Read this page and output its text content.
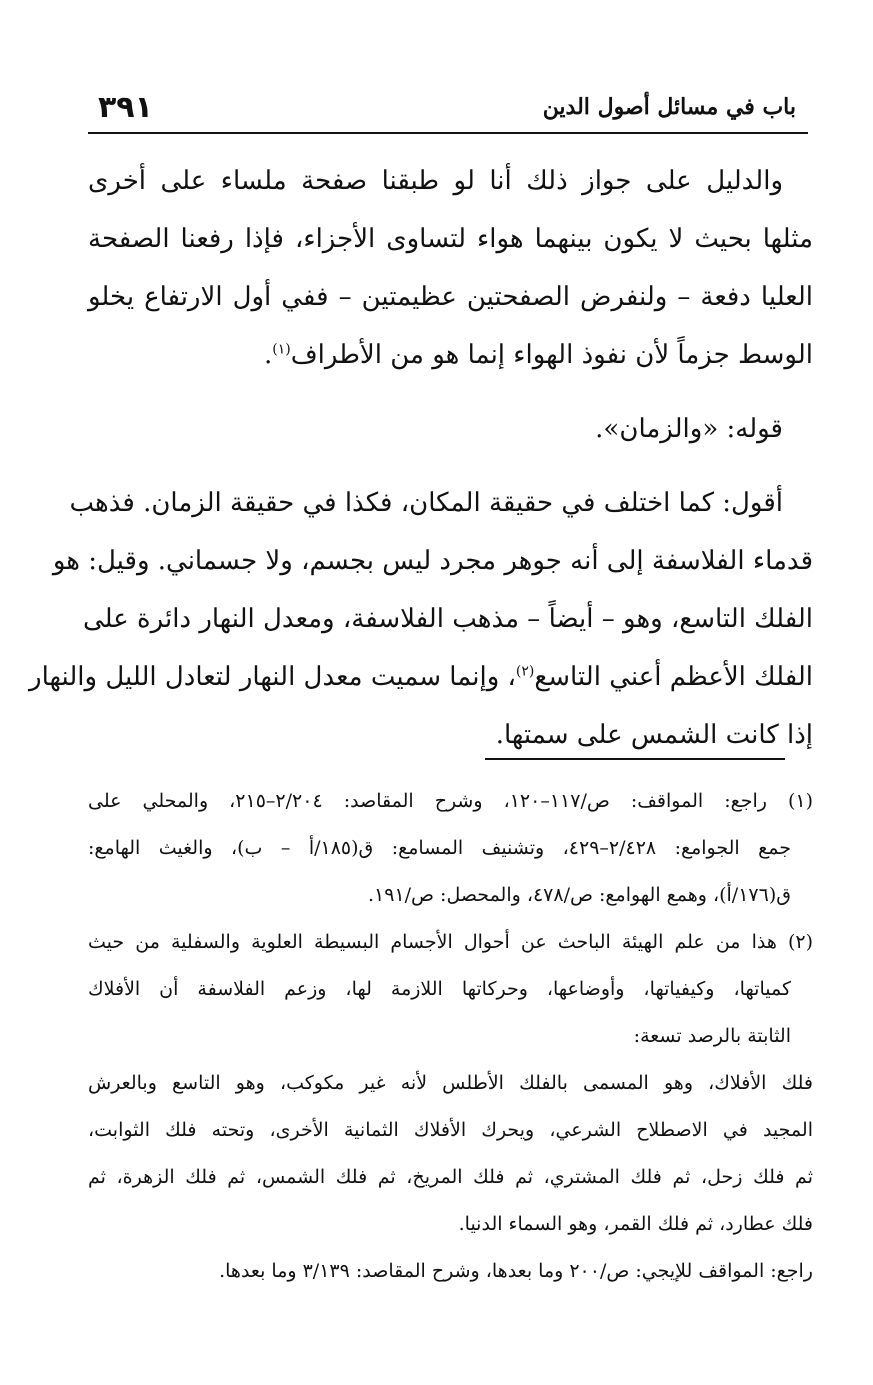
باب في مسائل أصول الدين
٣٩١
والدليل على جواز ذلك أنا لو طبقنا صفحة ملساء على أخرى
مثلها بحيث لا يكون بينهما هواء لتساوى الأجزاء، فإذا رفعنا الصفحة
العليا دفعة – ولنفرض الصفحتين عظيمتين – ففي أول الارتفاع يخلو
الوسط جزماً لأن نفوذ الهواء إنما هو من الأطراف$^{(١)}$.
قوله: «والزمان».
أقول: كما اختلف في حقيقة المكان، فكذا في حقيقة الزمان. فذهب
قدماء الفلاسفة إلى أنه جوهر مجرد ليس بجسم، ولا جسماني. وقيل: هو
الفلك التاسع، وهو – أيضاً – مذهب الفلاسفة، ومعدل النهار دائرة على
الفلك الأعظم أعني التاسع$^{(٢)}$، وإنما سميت معدل النهار لتعادل الليل والنهار
إذا كانت الشمس على سمتها.
(١) راجع: المواقف: ص/١١٧–١٢٠، وشرح المقاصد: ٢/٢٠٤–٢١٥، والمحلي على
جمع الجوامع: ٢/٤٢٨–٤٢٩، وتشنيف المسامع: ق(١٨٥/أ – ب)، والغيث الهامع:
ق(١٧٦/أ)، وهمع الهوامع: ص/٤٧٨، والمحصل: ص/١٩١.
(٢) هذا من علم الهيئة الباحث عن أحوال الأجسام البسيطة العلوية والسفلية من حيث
كمياتها، وكيفياتها، وأوضاعها، وحركاتها اللازمة لها، وزعم الفلاسفة أن الأفلاك
الثابتة بالرصد تسعة:
فلك الأفلاك، وهو المسمى بالفلك الأطلس لأنه غير مكوكب، وهو التاسع وبالعرش
المجيد في الاصطلاح الشرعي، ويحرك الأفلاك الثمانية الأخرى، وتحته فلك الثوابت،
ثم فلك زحل، ثم فلك المشتري، ثم فلك المريخ، ثم فلك الشمس، ثم فلك الزهرة، ثم
فلك عطارد، ثم فلك القمر، وهو السماء الدنيا.
راجع: المواقف للإيجي: ص/٢٠٠ وما بعدها، وشرح المقاصد: ٣/١٣٩ وما بعدها.
